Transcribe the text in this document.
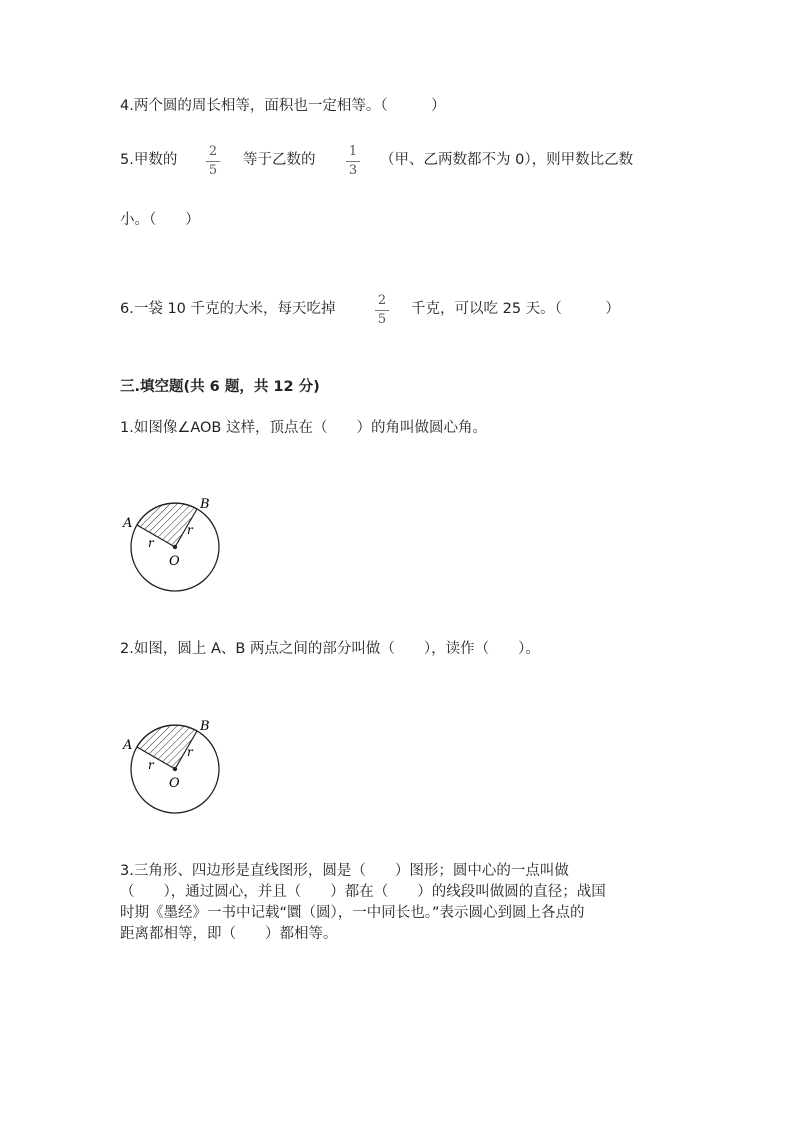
4.两个圆的周长相等，面积也一定相等。（　　　）
5.甲数的
2
5
等于乙数的
1
3
（甲、乙两数都不为 0），则甲数比乙数
小。（　　）
6.一袋 10 千克的大米，每天吃掉
2
5
千克，可以吃 25 天。（　　　）
三.填空题(共 6 题，共 12 分)
1.如图像∠AOB 这样，顶点在（　　）的角叫做圆心角。
A
B
O
r
r
2.如图，圆上 A、B 两点之间的部分叫做（　　），读作（　　）。
A
B
O
r
r
3.三角形、四边形是直线图形，圆是（　　）图形；圆中心的一点叫做
（　　），通过圆心，并且（　　）都在（　　）的线段叫做圆的直径；战国
时期《墨经》一书中记载“圜（圆），一中同长也。”表示圆心到圆上各点的
距离都相等，即（　　）都相等。
